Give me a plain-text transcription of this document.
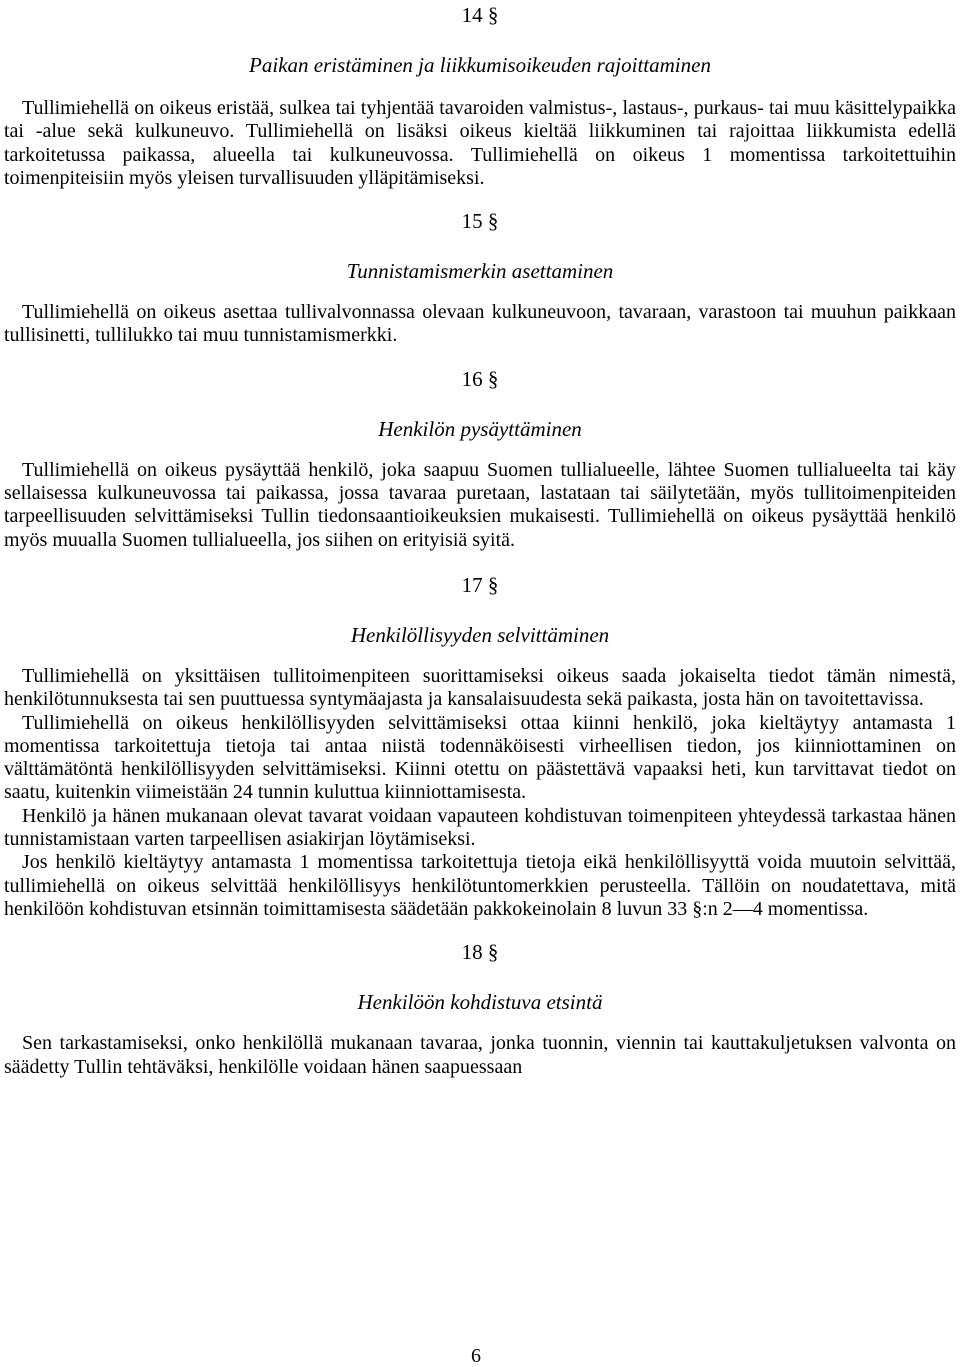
14 §
Paikan eristäminen ja liikkumisoikeuden rajoittaminen

Tullimiehellä on oikeus eristää, sulkea tai tyhjentää tavaroiden valmistus-, lastaus-, purkaus- tai muu käsittelypaikka tai -alue sekä kulkuneuvo. Tullimiehellä on lisäksi oikeus kieltää liikkuminen tai rajoittaa liikkumista edellä tarkoitetussa paikassa, alueella tai kulkuneuvossa. Tullimiehellä on oikeus 1 momentissa tarkoitettuihin toimenpiteisiin myös yleisen turvallisuuden ylläpitämiseksi.

15 §
Tunnistamismerkin asettaminen

Tullimiehellä on oikeus asettaa tullivalvonnassa olevaan kulkuneuvoon, tavaraan, varastoon tai muuhun paikkaan tullisinetti, tullilukko tai muu tunnistamismerkki.

16 §
Henkilön pysäyttäminen

Tullimiehellä on oikeus pysäyttää henkilö, joka saapuu Suomen tullialueelle, lähtee Suomen tullialueelta tai käy sellaisessa kulkuneuvossa tai paikassa, jossa tavaraa puretaan, lastataan tai säilytetään, myös tullitoimenpiteiden tarpeellisuuden selvittämiseksi Tullin tiedonsaantioikeuksien mukaisesti. Tullimiehellä on oikeus pysäyttää henkilö myös muualla Suomen tullialueella, jos siihen on erityisiä syitä.

17 §
Henkilöllisyyden selvittäminen

Tullimiehellä on yksittäisen tullitoimenpiteen suorittamiseksi oikeus saada jokaiselta tiedot tämän nimestä, henkilötunnuksesta tai sen puuttuessa syntymäajasta ja kansalaisuudesta sekä paikasta, josta hän on tavoitettavissa.

Tullimiehellä on oikeus henkilöllisyyden selvittämiseksi ottaa kiinni henkilö, joka kieltäytyy antamasta 1 momentissa tarkoitettuja tietoja tai antaa niistä todennäköisesti virheellisen tiedon, jos kiinniottaminen on välttämätöntä henkilöllisyyden selvittämiseksi. Kiinni otettu on päästettävä vapaaksi heti, kun tarvittavat tiedot on saatu, kuitenkin viimeistään 24 tunnin kuluttua kiinniottamisesta.

Henkilö ja hänen mukanaan olevat tavarat voidaan vapauteen kohdistuvan toimenpiteen yhteydessä tarkastaa hänen tunnistamistaan varten tarpeellisen asiakirjan löytämiseksi.

Jos henkilö kieltäytyy antamasta 1 momentissa tarkoitettuja tietoja eikä henkilöllisyyttä voida muutoin selvittää, tullimiehellä on oikeus selvittää henkilöllisyys henkilötuntomerkkien perusteella. Tällöin on noudatettava, mitä henkilöön kohdistuvan etsinnän toimittamisesta säädetään pakkokeinolain 8 luvun 33 §:n 2—4 momentissa.

18 §
Henkilöön kohdistuva etsintä

Sen tarkastamiseksi, onko henkilöllä mukanaan tavaraa, jonka tuonnin, viennin tai kauttakuljetuksen valvonta on säädetty Tullin tehtäväksi, henkilölle voidaan hänen saapuessaan

6
